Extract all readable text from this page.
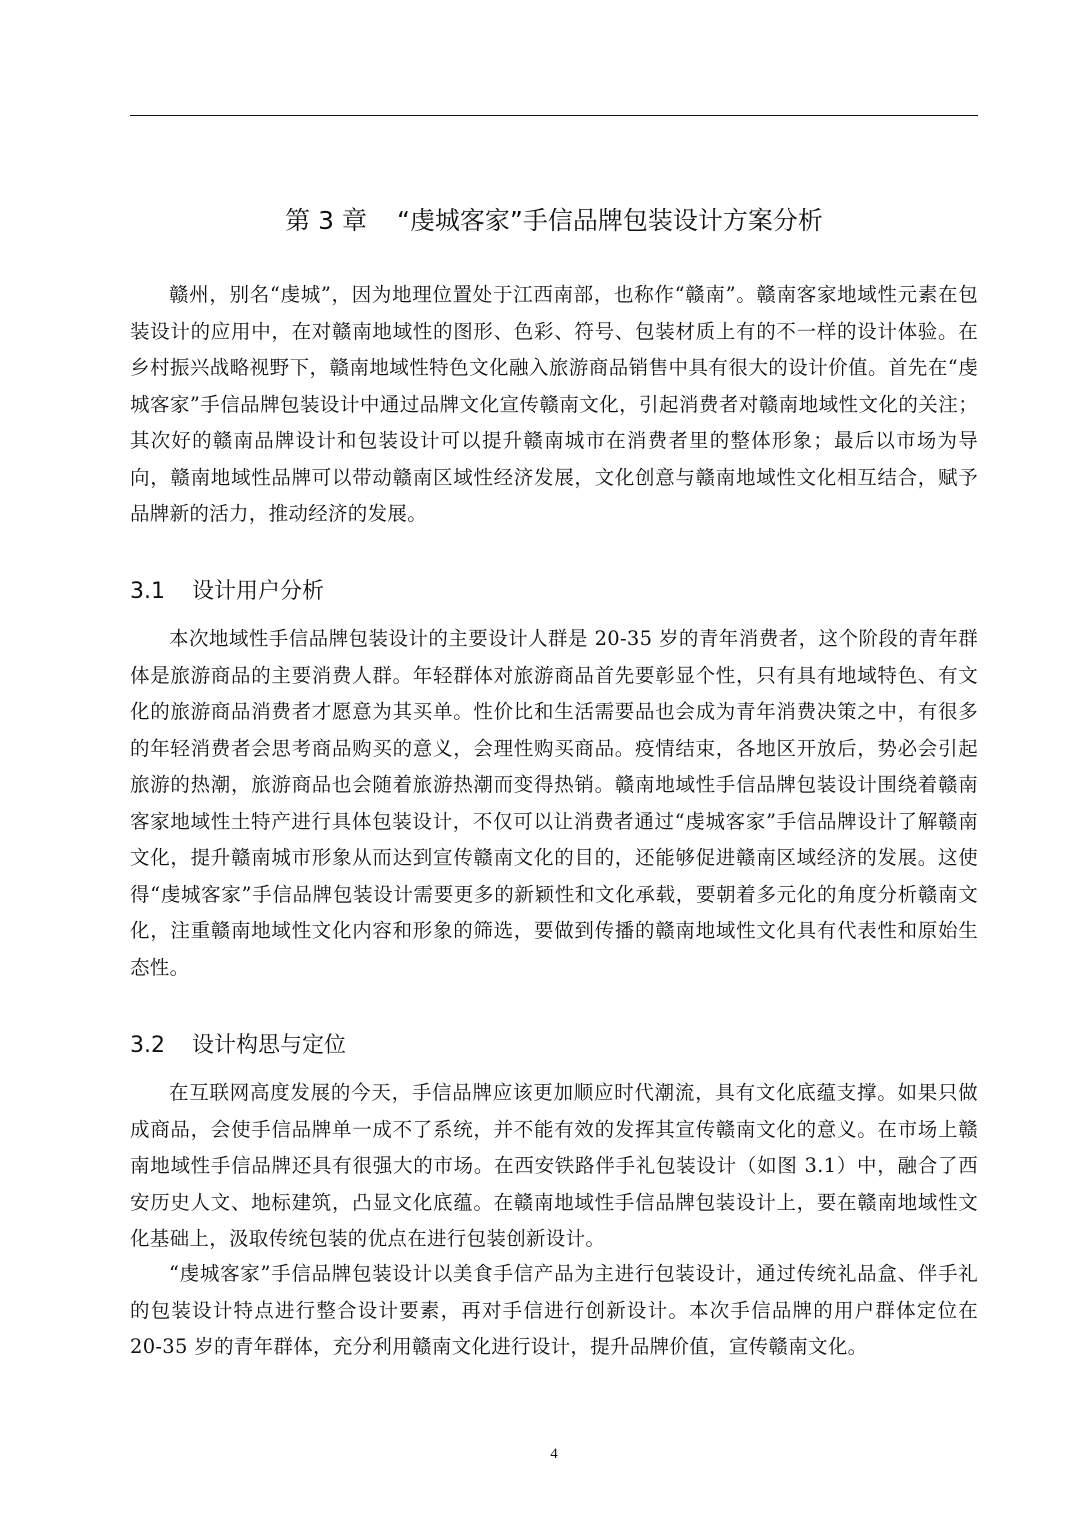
第 3 章 “虔城客家”手信品牌包装设计方案分析

赣州，别名“虔城”，因为地理位置处于江西南部，也称作“赣南”。赣南客家地域性元素在包装设计的应用中，在对赣南地域性的图形、色彩、符号、包装材质上有的不一样的设计体验。在乡村振兴战略视野下，赣南地域性特色文化融入旅游商品销售中具有很大的设计价值。首先在“虔城客家”手信品牌包装设计中通过品牌文化宣传赣南文化，引起消费者对赣南地域性文化的关注；其次好的赣南品牌设计和包装设计可以提升赣南城市在消费者里的整体形象；最后以市场为导向，赣南地域性品牌可以带动赣南区域性经济发展，文化创意与赣南地域性文化相互结合，赋予品牌新的活力，推动经济的发展。

3.1 设计用户分析

本次地域性手信品牌包装设计的主要设计人群是 20-35 岁的青年消费者，这个阶段的青年群体是旅游商品的主要消费人群。年轻群体对旅游商品首先要彰显个性，只有具有地域特色、有文化的旅游商品消费者才愿意为其买单。性价比和生活需要品也会成为青年消费决策之中，有很多的年轻消费者会思考商品购买的意义，会理性购买商品。疫情结束，各地区开放后，势必会引起旅游的热潮，旅游商品也会随着旅游热潮而变得热销。赣南地域性手信品牌包装设计围绕着赣南客家地域性土特产进行具体包装设计，不仅可以让消费者通过“虔城客家”手信品牌设计了解赣南文化，提升赣南城市形象从而达到宣传赣南文化的目的，还能够促进赣南区域经济的发展。这使得“虔城客家”手信品牌包装设计需要更多的新颖性和文化承载，要朝着多元化的角度分析赣南文化，注重赣南地域性文化内容和形象的筛选，要做到传播的赣南地域性文化具有代表性和原始生态性。

3.2 设计构思与定位

在互联网高度发展的今天，手信品牌应该更加顺应时代潮流，具有文化底蕴支撑。如果只做成商品，会使手信品牌单一成不了系统，并不能有效的发挥其宣传赣南文化的意义。在市场上赣南地域性手信品牌还具有很强大的市场。在西安铁路伴手礼包装设计（如图 3.1）中，融合了西安历史人文、地标建筑，凸显文化底蕴。在赣南地域性手信品牌包装设计上，要在赣南地域性文化基础上，汲取传统包装的优点在进行包装创新设计。

“虔城客家”手信品牌包装设计以美食手信产品为主进行包装设计，通过传统礼品盒、伴手礼的包装设计特点进行整合设计要素，再对手信进行创新设计。本次手信品牌的用户群体定位在 20-35 岁的青年群体，充分利用赣南文化进行设计，提升品牌价值，宣传赣南文化。

4
